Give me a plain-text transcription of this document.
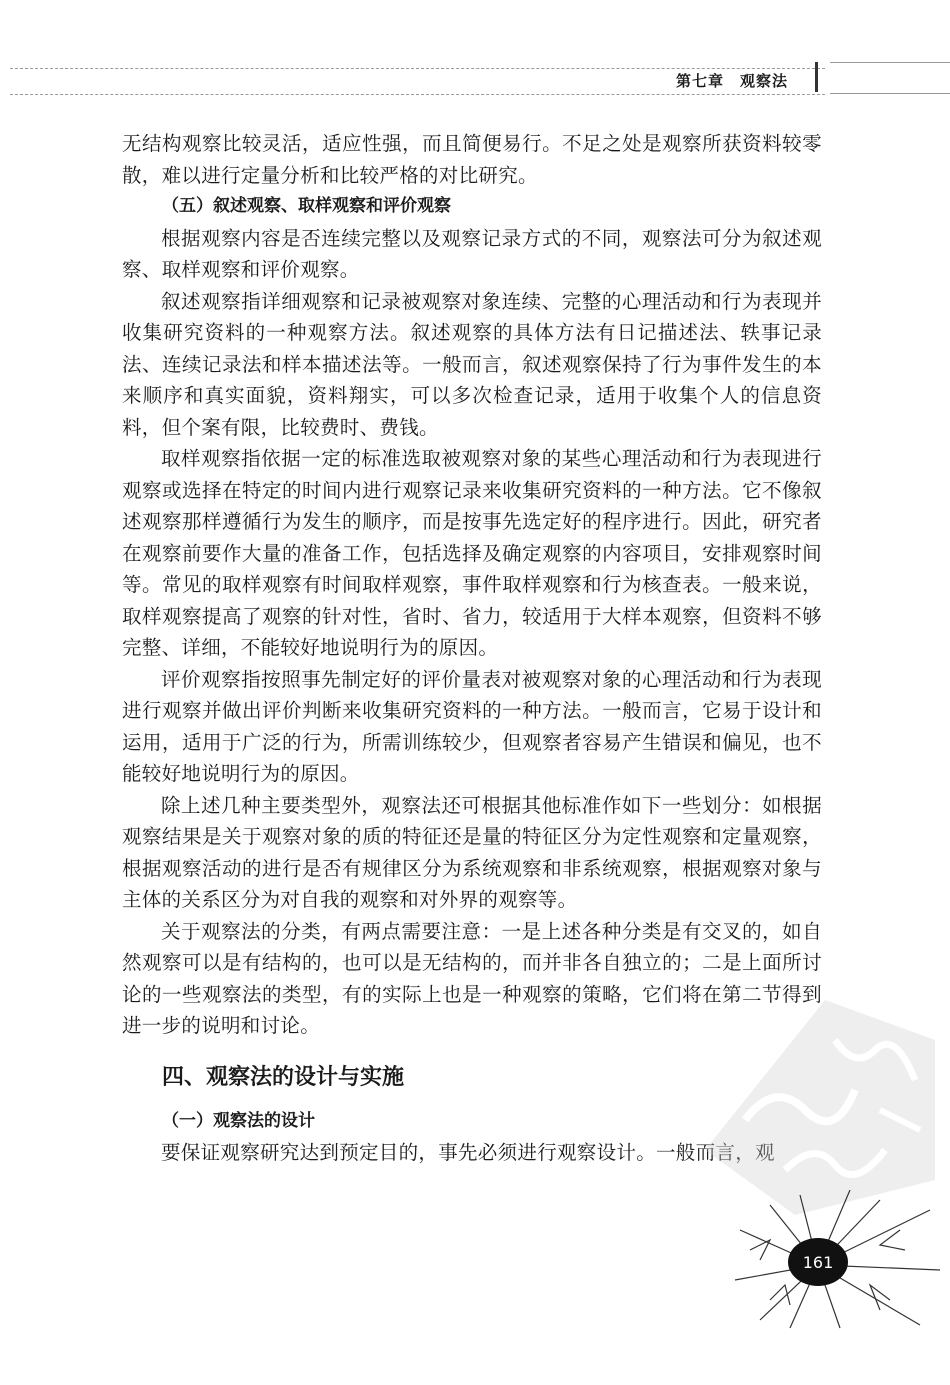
第七章　观察法

无结构观察比较灵活，适应性强，而且简便易行。不足之处是观察所获资料较零散，难以进行定量分析和比较严格的对比研究。

（五）叙述观察、取样观察和评价观察

根据观察内容是否连续完整以及观察记录方式的不同，观察法可分为叙述观察、取样观察和评价观察。

叙述观察指详细观察和记录被观察对象连续、完整的心理活动和行为表现并收集研究资料的一种观察方法。叙述观察的具体方法有日记描述法、轶事记录法、连续记录法和样本描述法等。一般而言，叙述观察保持了行为事件发生的本来顺序和真实面貌，资料翔实，可以多次检查记录，适用于收集个人的信息资料，但个案有限，比较费时、费钱。

取样观察指依据一定的标准选取被观察对象的某些心理活动和行为表现进行观察或选择在特定的时间内进行观察记录来收集研究资料的一种方法。它不像叙述观察那样遵循行为发生的顺序，而是按事先选定好的程序进行。因此，研究者在观察前要作大量的准备工作，包括选择及确定观察的内容项目，安排观察时间等。常见的取样观察有时间取样观察，事件取样观察和行为核查表。一般来说，取样观察提高了观察的针对性，省时、省力，较适用于大样本观察，但资料不够完整、详细，不能较好地说明行为的原因。

评价观察指按照事先制定好的评价量表对被观察对象的心理活动和行为表现进行观察并做出评价判断来收集研究资料的一种方法。一般而言，它易于设计和运用，适用于广泛的行为，所需训练较少，但观察者容易产生错误和偏见，也不能较好地说明行为的原因。

除上述几种主要类型外，观察法还可根据其他标准作如下一些划分：如根据观察结果是关于观察对象的质的特征还是量的特征区分为定性观察和定量观察，根据观察活动的进行是否有规律区分为系统观察和非系统观察，根据观察对象与主体的关系区分为对自我的观察和对外界的观察等。

关于观察法的分类，有两点需要注意：一是上述各种分类是有交叉的，如自然观察可以是有结构的，也可以是无结构的，而并非各自独立的；二是上面所讨论的一些观察法的类型，有的实际上也是一种观察的策略，它们将在第二节得到进一步的说明和讨论。

四、观察法的设计与实施
（一）观察法的设计

要保证观察研究达到预定目的，事先必须进行观察设计。一般而言，观

161
